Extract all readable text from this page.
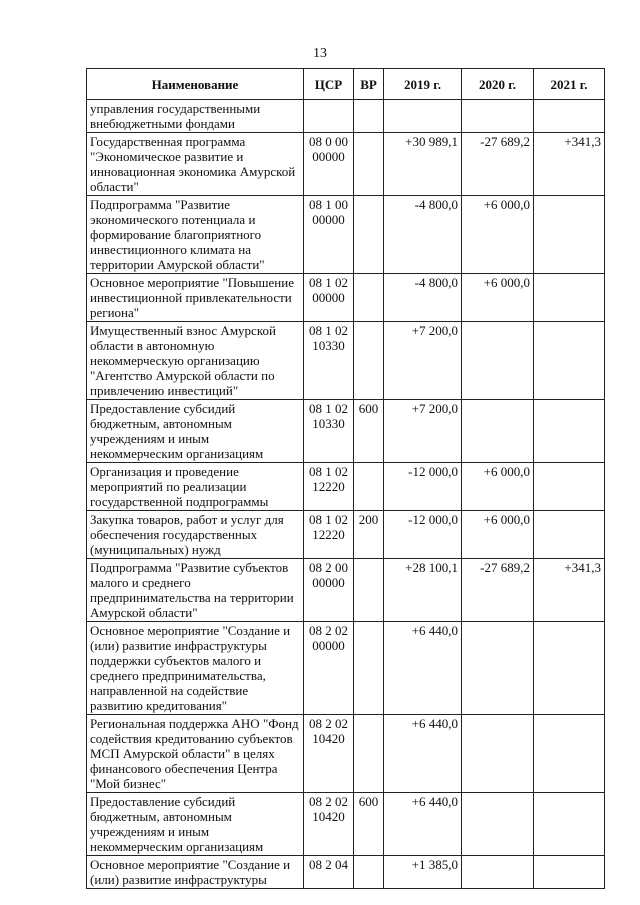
13
Наименование	ЦСР	ВР	2019 г.	2020 г.	2021 г.
управления государственными внебюджетными фондами					
Государственная программа "Экономическое развитие и инновационная экономика Амурской области"	08 0 00 00000		+30 989,1	-27 689,2	+341,3
Подпрограмма "Развитие экономического потенциала и формирование благоприятного инвестиционного климата на территории Амурской области"	08 1 00 00000		-4 800,0	+6 000,0	
Основное мероприятие "Повышение инвестиционной привлекательности региона"	08 1 02 00000		-4 800,0	+6 000,0	
Имущественный взнос Амурской области в автономную некоммерческую организацию "Агентство Амурской области по привлечению инвестиций"	08 1 02 10330		+7 200,0		
Предоставление субсидий бюджетным, автономным учреждениям и иным некоммерческим организациям	08 1 02 10330	600	+7 200,0		
Организация и проведение мероприятий по реализации государственной подпрограммы	08 1 02 12220		-12 000,0	+6 000,0	
Закупка товаров, работ и услуг для обеспечения государственных (муниципальных) нужд	08 1 02 12220	200	-12 000,0	+6 000,0	
Подпрограмма "Развитие субъектов малого и среднего предпринимательства на территории Амурской области"	08 2 00 00000		+28 100,1	-27 689,2	+341,3
Основное мероприятие "Создание и (или) развитие инфраструктуры поддержки субъектов малого и среднего предпринимательства, направленной на содействие развитию кредитования"	08 2 02 00000		+6 440,0		
Региональная поддержка АНО "Фонд содействия кредитованию субъектов МСП Амурской области" в целях финансового обеспечения Центра "Мой бизнес"	08 2 02 10420		+6 440,0		
Предоставление субсидий бюджетным, автономным учреждениям и иным некоммерческим организациям	08 2 02 10420	600	+6 440,0		
Основное мероприятие "Создание и (или) развитие инфраструктуры	08 2 04		+1 385,0		
